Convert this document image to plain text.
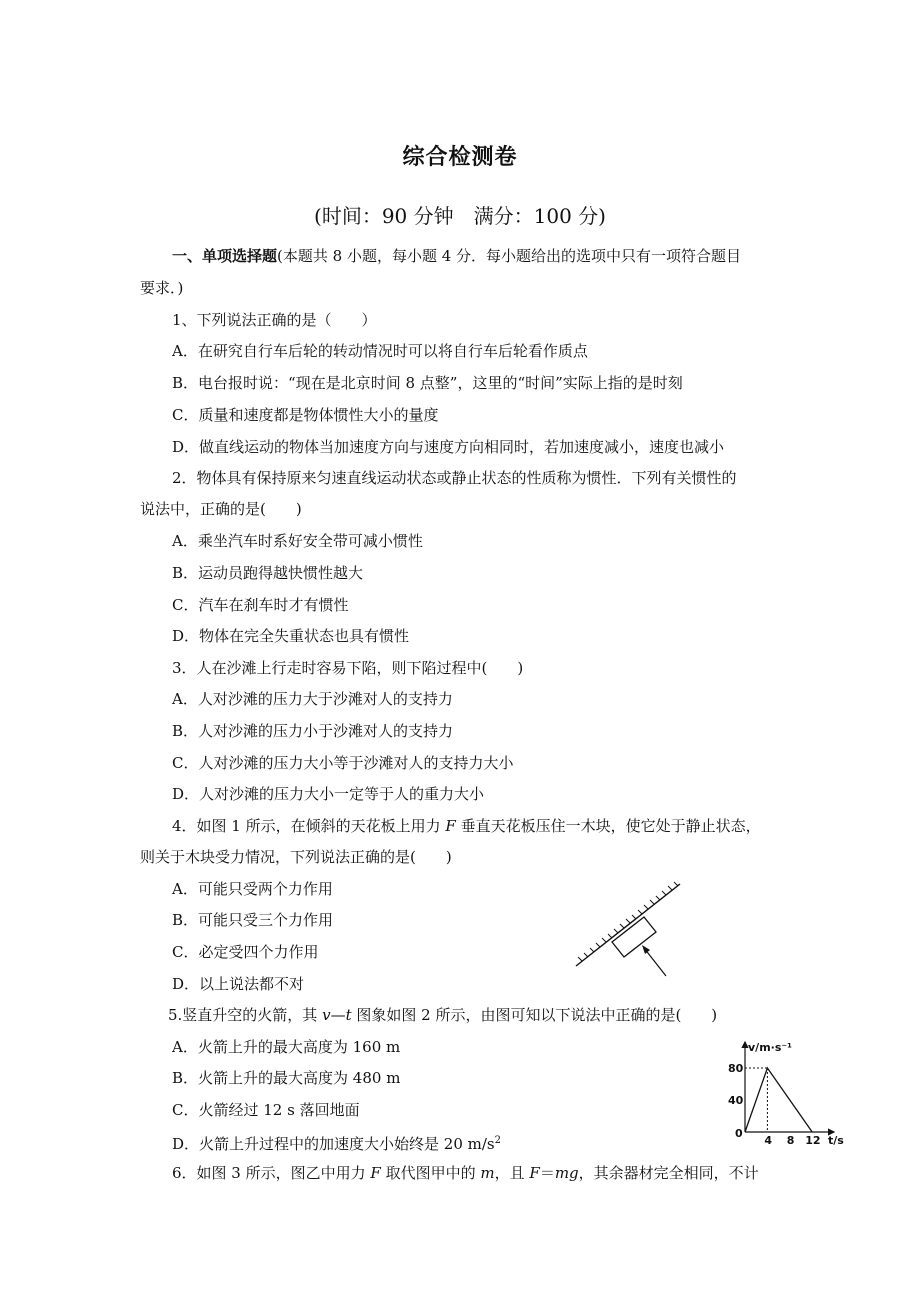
综合检测卷
(时间：90 分钟　满分：100 分)
一、单项选择题(本题共 8 小题，每小题 4 分．每小题给出的选项中只有一项符合题目
要求．)
1、下列说法正确的是（　　）
A．在研究自行车后轮的转动情况时可以将自行车后轮看作质点
B．电台报时说：“现在是北京时间 8 点整”，这里的“时间”实际上指的是时刻
C．质量和速度都是物体惯性大小的量度
D．做直线运动的物体当加速度方向与速度方向相同时，若加速度减小，速度也减小
2．物体具有保持原来匀速直线运动状态或静止状态的性质称为惯性．下列有关惯性的
说法中，正确的是(　　)
A．乘坐汽车时系好安全带可减小惯性
B．运动员跑得越快惯性越大
C．汽车在刹车时才有惯性
D．物体在完全失重状态也具有惯性
3．人在沙滩上行走时容易下陷，则下陷过程中(　　)
A．人对沙滩的压力大于沙滩对人的支持力
B．人对沙滩的压力小于沙滩对人的支持力
C．人对沙滩的压力大小等于沙滩对人的支持力大小
D．人对沙滩的压力大小一定等于人的重力大小
4．如图 1 所示，在倾斜的天花板上用力 F 垂直天花板压住一木块，使它处于静止状态，
则关于木块受力情况，下列说法正确的是(　　)
A．可能只受两个力作用
B．可能只受三个力作用
C．必定受四个力作用
D．以上说法都不对
5.竖直升空的火箭，其 v—t 图象如图 2 所示，由图可知以下说法中正确的是(　　)
A．火箭上升的最大高度为 160 m
B．火箭上升的最大高度为 480 m
C．火箭经过 12 s 落回地面
D．火箭上升过程中的加速度大小始终是 20 $m/s^2$
v/m·s⁻¹
t/s
0
4 8 12
40
80
6．如图 3 所示，图乙中用力 F 取代图甲中的 m，且 F＝mg，其余器材完全相同，不计
